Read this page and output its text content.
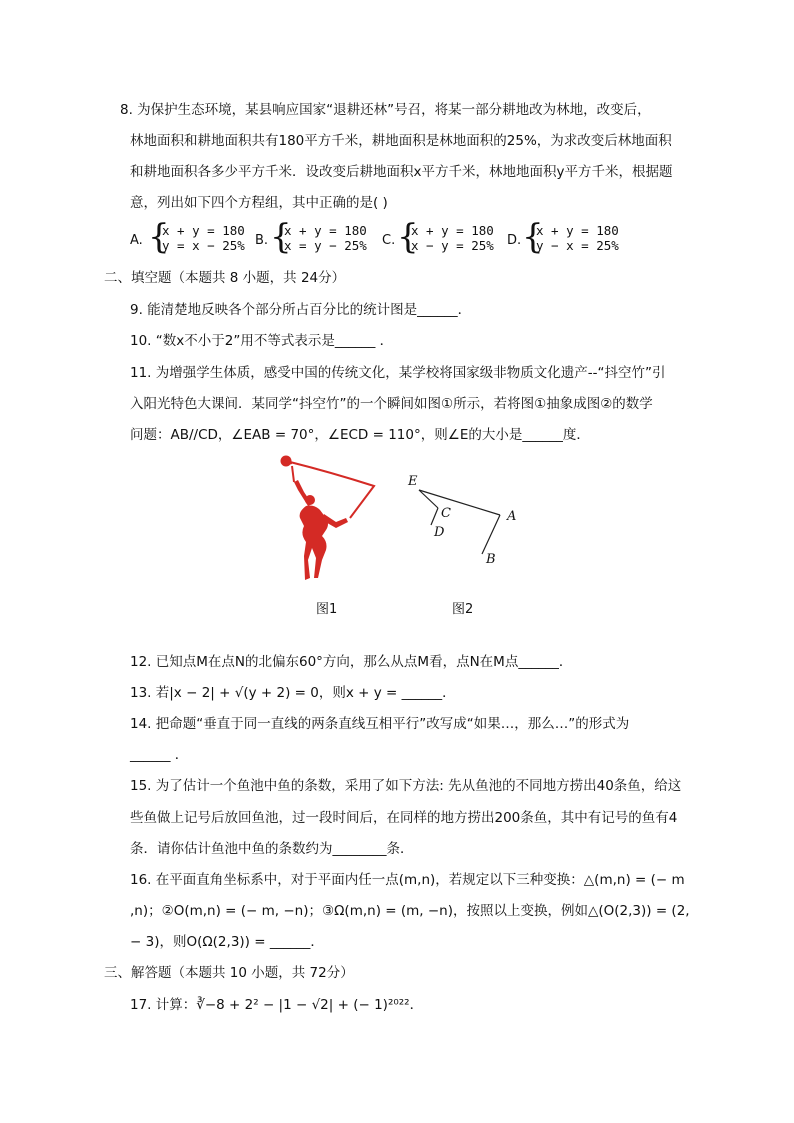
8. 为保护生态环境，某县响应国家“退耕还林”号召，将某一部分耕地改为林地，改变后，
林地面积和耕地面积共有180平方千米，耕地面积是林地面积的25%，为求改变后林地面积
和耕地面积各多少平方千米．设改变后耕地面积x平方千米，林地地面积y平方千米，根据题
意，列出如下四个方程组，其中正确的是( )
A. {
x + y = 180
y = x − 25% B. {
x + y = 180
x = y − 25% C. {
x + y = 180
x − y = 25% D. {
x + y = 180
y − x = 25%
二、填空题（本题共 8 小题，共 24分）
9. 能清楚地反映各个部分所占百分比的统计图是______．
10. “数x不小于2”用不等式表示是______ ．
11. 为增强学生体质，感受中国的传统文化，某学校将国家级非物质文化遗产--“抖空竹”引
入阳光特色大课间．某同学“抖空竹”的一个瞬间如图①所示，若将图①抽象成图②的数学
问题：AB//CD，∠EAB = 70°，∠ECD = 110°，则∠E的大小是______度．
图1
E
C
D
A
B
图2
12. 已知点M在点N的北偏东60°方向，那么从点M看，点N在M点______．
13. 若|x − 2| + √(y + 2) = 0，则x + y = ______．
14. 把命题“垂直于同一直线的两条直线互相平行”改写成“如果…，那么…”的形式为
______ ．
15. 为了估计一个鱼池中鱼的条数，采用了如下方法: 先从鱼池的不同地方捞出40条鱼，给这
些鱼做上记号后放回鱼池，过一段时间后，在同样的地方捞出200条鱼，其中有记号的鱼有4
条．请你估计鱼池中鱼的条数约为________条．
16. 在平面直角坐标系中，对于平面内任一点(m,n)，若规定以下三种变换：△(m,n) = (− m
,n)；②O(m,n) = (− m, −n)；③Ω(m,n) = (m, −n)，按照以上变换，例如△(O(2,3)) = (2,
− 3)，则O(Ω(2,3)) = ______．
三、解答题（本题共 10 小题，共 72分）
17. 计算：∛−8 + 2² − |1 − √2| + (− 1)²⁰²²．
